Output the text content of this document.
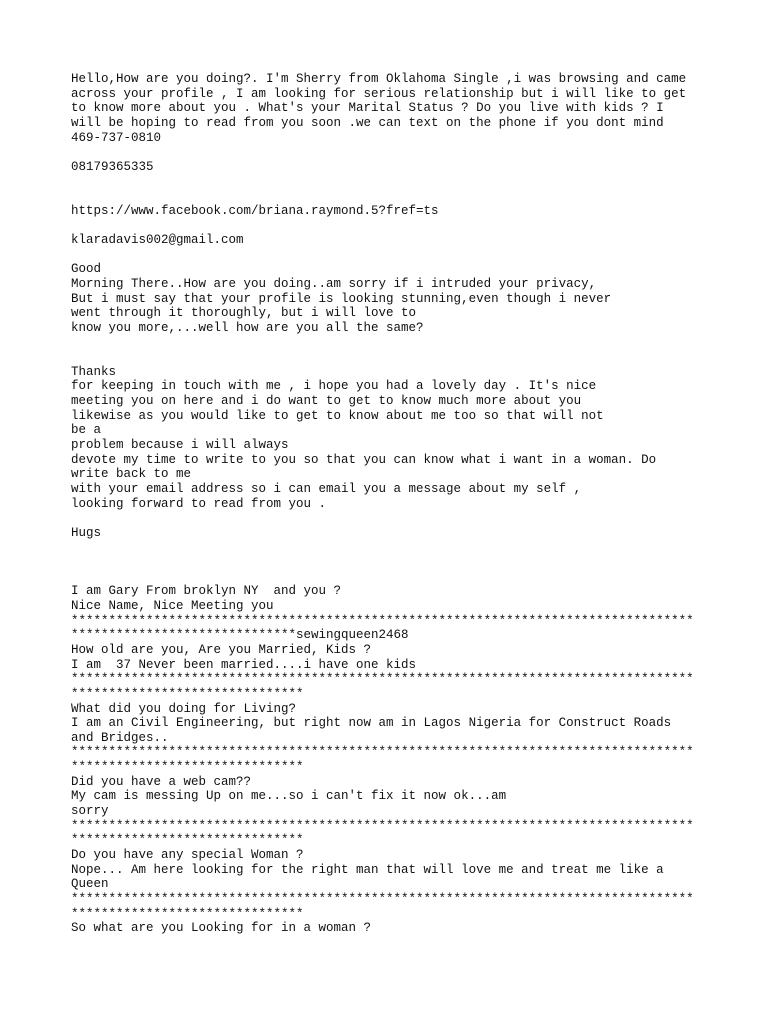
Hello,How are you doing?. I'm Sherry from Oklahoma Single ,i was browsing and came
across your profile , I am looking for serious relationship but i will like to get
to know more about you . What's your Marital Status ? Do you live with kids ? I
will be hoping to read from you soon .we can text on the phone if you dont mind
469-737-0810
08179365335
https://www.facebook.com/briana.raymond.5?fref=ts
klaradavis002@gmail.com
Good
Morning There..How are you doing..am sorry if i intruded your privacy,
But i must say that your profile is looking stunning,even though i never
went through it thoroughly, but i will love to
know you more,...well how are you all the same?
Thanks
for keeping in touch with me , i hope you had a lovely day . It's nice
meeting you on here and i do want to get to know much more about you
likewise as you would like to get to know about me too so that will not
be a
problem because i will always
devote my time to write to you so that you can know what i want in a woman. Do
write back to me
with your email address so i can email you a message about my self ,
looking forward to read from you .
Hugs
I am Gary From broklyn NY  and you ?
Nice Name, Nice Meeting you
***********************************************************************************
******************************sewingqueen2468
How old are you, Are you Married, Kids ?
I am  37 Never been married....i have one kids
***********************************************************************************
*******************************
What did you doing for Living?
I am an Civil Engineering, but right now am in Lagos Nigeria for Construct Roads
and Bridges..
***********************************************************************************
*******************************
Did you have a web cam??
My cam is messing Up on me...so i can't fix it now ok...am
sorry
***********************************************************************************
*******************************
Do you have any special Woman ?
Nope... Am here looking for the right man that will love me and treat me like a
Queen
***********************************************************************************
*******************************
So what are you Looking for in a woman ?
